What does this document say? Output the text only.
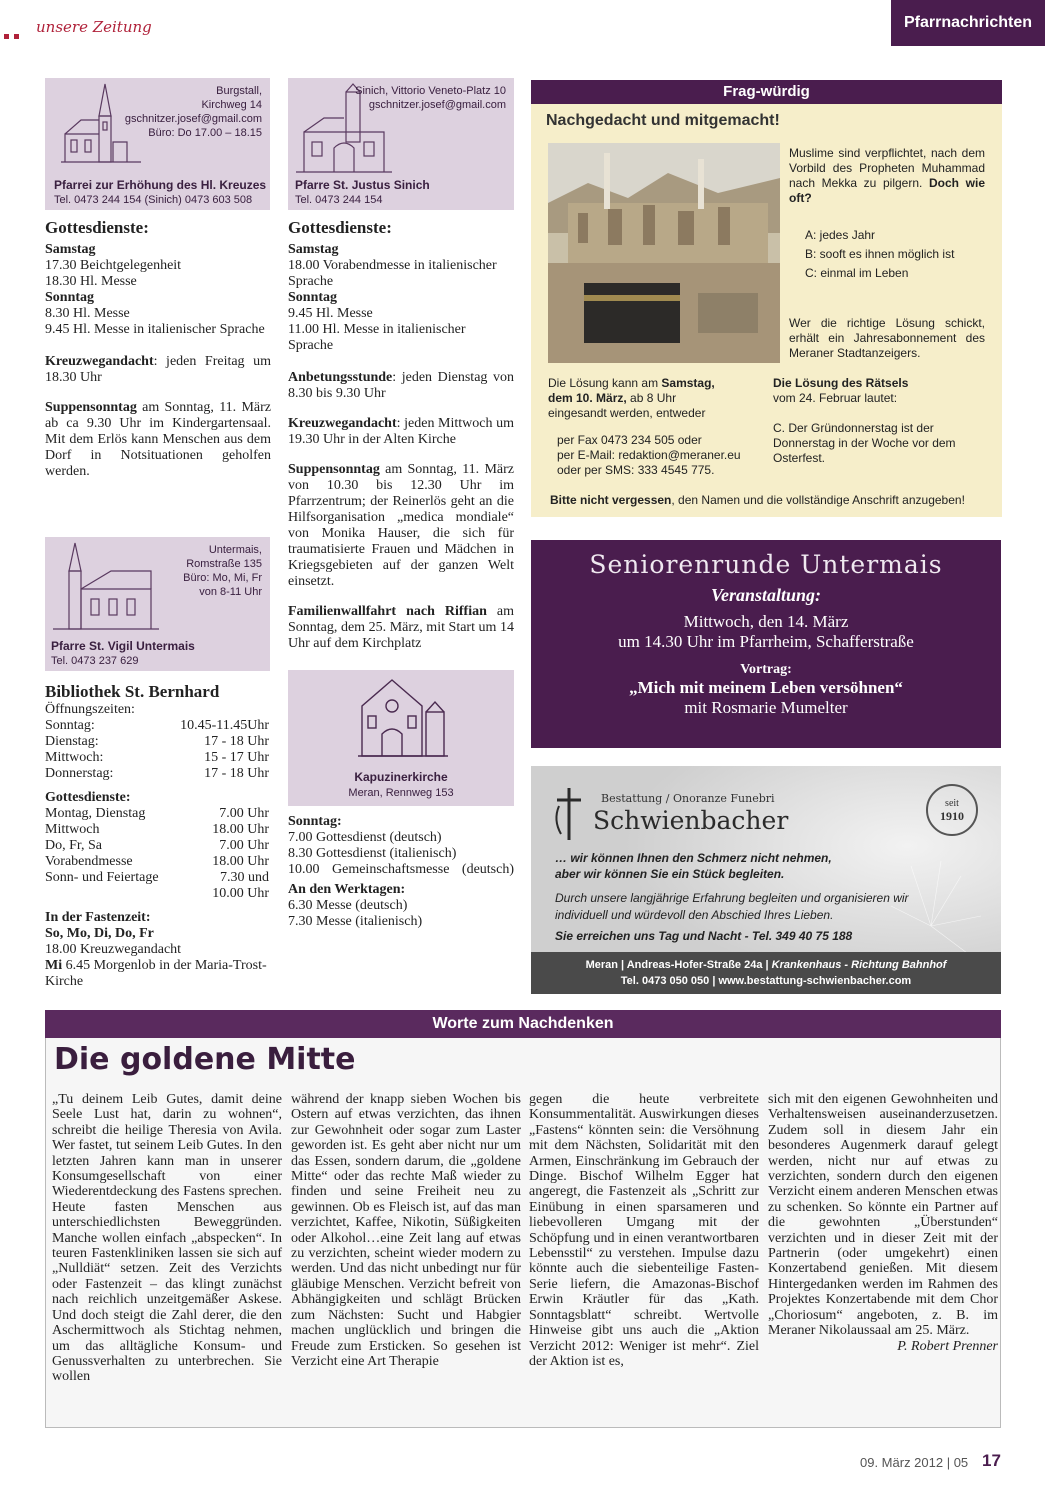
unsere Zeitung	Pfarrnachrichten
Burgstall,
Kirchweg 14
gschnitzer.josef@gmail.com
Büro: Do 17.00 – 18.15
Pfarrei zur Erhöhung des Hl. Kreuzes
Tel. 0473 244 154 (Sinich) 0473 603 508
Sinich, Vittorio Veneto-Platz 10
gschnitzer.josef@gmail.com
Pfarre St. Justus Sinich
Tel. 0473 244 154
Gottesdienste:
Samstag
17.30 Beichtgelegenheit
18.30 Hl. Messe
Sonntag
8.30 Hl. Messe
9.45 Hl. Messe in italienischer Sprache

Kreuzwegandacht: jeden Freitag um 18.30 Uhr

Suppensonntag am Sonntag, 11. März ab ca 9.30 Uhr im Kindergartensaal. Mit dem Erlös kann Menschen aus dem Dorf in Notsituationen geholfen werden.

Gottesdienste:
Samstag
18.00 Vorabendmesse in italienischer Sprache
Sonntag
9.45 Hl. Messe
11.00 Hl. Messe in italienischer Sprache

Anbetungsstunde: jeden Dienstag von 8.30 bis 9.30 Uhr

Kreuzwegandacht: jeden Mittwoch um 19.30 Uhr in der Alten Kirche

Suppensonntag am Sonntag, 11. März von 10.30 bis 12.30 Uhr im Pfarrzentrum; der Reinerlös geht an die Hilfsorganisation „medica mondiale“ von Monika Hauser, die sich für traumatisierte Frauen und Mädchen in Kriegsgebieten auf der ganzen Welt einsetzt.

Familienwallfahrt nach Riffian am Sonntag, dem 25. März, mit Start um 14 Uhr auf dem Kirchplatz

Untermais,
Romstraße 135
Büro: Mo, Mi, Fr
von 8-11 Uhr
Pfarre St. Vigil Untermais
Tel. 0473 237 629
Bibliothek St. Bernhard
Öffnungszeiten:
Sonntag:	10.45-11.45Uhr
Dienstag:	17 - 18 Uhr
Mittwoch:	15 - 17 Uhr
Donnerstag:	17 - 18 Uhr
Gottesdienste:
Montag, Dienstag	7.00 Uhr
Mittwoch	18.00 Uhr
Do, Fr, Sa	7.00 Uhr
Vorabendmesse	18.00 Uhr
Sonn- und Feiertage	7.30 und
10.00 Uhr
In der Fastenzeit:
So, Mo, Di, Do, Fr
18.00 Kreuzwegandacht
Mi 6.45 Morgenlob in der Maria-Trost-Kirche
Kapuzinerkirche
Meran, Rennweg 153
Sonntag:
7.00 Gottesdienst (deutsch)
8.30 Gottesdienst (italienisch)
10.00 Gemeinschaftsmesse (deutsch)
An den Werktagen:
6.30 Messe (deutsch)
7.30 Messe (italienisch)
Frag-würdig
Nachgedacht und mitgemacht!
Muslime sind verpflichtet, nach dem Vorbild des Propheten Muhammad nach Mekka zu pilgern. Doch wie oft?
A: jedes Jahr
B: sooft es ihnen möglich ist
C: einmal im Leben
Wer die richtige Lösung schickt, erhält ein Jahresabonnement des Meraner Stadtanzeigers.
Die Lösung kann am Samstag, dem 10. März, ab 8 Uhr eingesandt werden, entweder
per Fax 0473 234 505 oder
per E-Mail: redaktion@meraner.eu
oder per SMS: 333 4545 775.
Die Lösung des Rätsels
vom 24. Februar lautet:
C. Der Gründonnerstag ist der Donnerstag in der Woche vor dem Osterfest.
Bitte nicht vergessen, den Namen und die vollständige Anschrift anzugeben!
Seniorenrunde Untermais
Veranstaltung:
Mittwoch, den 14. März
um 14.30 Uhr im Pfarrheim, Schafferstraße
Vortrag:
„Mich mit meinem Leben versöhnen“
mit Rosmarie Mumelter
Bestattung / Onoranze Funebri
Schwienbacher
seit
1910
… wir können Ihnen den Schmerz nicht nehmen,
aber wir können Sie ein Stück begleiten.
Durch unsere langjährige Erfahrung begleiten und organisieren wir
individuell und würdevoll den Abschied Ihres Lieben.
Sie erreichen uns Tag und Nacht - Tel. 349 40 75 188
Meran | Andreas-Hofer-Straße 24a | Krankenhaus - Richtung Bahnhof
Tel. 0473 050 050 | www.bestattung-schwienbacher.com
Worte zum Nachdenken
Die goldene Mitte
„Tu deinem Leib Gutes, damit deine Seele Lust hat, darin zu wohnen“, schreibt die heilige Theresia von Avila. Wer fastet, tut seinem Leib Gutes. In den letzten Jahren kann man in unserer Konsumgesellschaft von einer Wiederentdeckung des Fastens sprechen. Heute fasten Menschen aus unterschiedlichsten Beweggründen. Manche wollen einfach „abspecken“. In teuren Fastenkliniken lassen sie sich auf „Nulldiät“ setzen. Zeit des Verzichts oder Fastenzeit – das klingt zunächst nach reichlich unzeitgemäßer Askese. Und doch steigt die Zahl derer, die den Aschermittwoch als Stichtag nehmen, um das alltägliche Konsum- und Genussverhalten zu unterbrechen. Sie wollen
während der knapp sieben Wochen bis Ostern auf etwas verzichten, das ihnen zur Gewohnheit oder sogar zum Laster geworden ist. Es geht aber nicht nur um das Essen, sondern darum, die „goldene Mitte“ oder das rechte Maß wieder zu finden und seine Freiheit neu zu gewinnen. Ob es Fleisch ist, auf das man verzichtet, Kaffee, Nikotin, Süßigkeiten oder Alkohol…eine Zeit lang auf etwas zu verzichten, scheint wieder modern zu werden. Und das nicht unbedingt nur für gläubige Menschen. Verzicht befreit von Abhängigkeiten und schlägt Brücken zum Nächsten: Sucht und Habgier machen unglücklich und bringen die Freude zum Ersticken. So gesehen ist Verzicht eine Art Therapie
gegen die heute verbreitete Konsummentalität. Auswirkungen dieses „Fastens“ könnten sein: die Versöhnung mit dem Nächsten, Solidarität mit den Armen, Einschränkung im Gebrauch der Dinge. Bischof Wilhelm Egger hat angeregt, die Fastenzeit als „Schritt zur Einübung in einen sparsameren und liebevolleren Umgang mit der Schöpfung und in einen verantwortbaren Lebensstil“ zu verstehen. Impulse dazu könnte auch die siebenteilige Fasten-Serie liefern, die Amazonas-Bischof Erwin Kräutler für das „Kath. Sonntagsblatt“ schreibt. Wertvolle Hinweise gibt uns auch die „Aktion Verzicht 2012: Weniger ist mehr“. Ziel der Aktion ist es,
sich mit den eigenen Gewohnheiten und Verhaltensweisen auseinanderzusetzen. Zudem soll in diesem Jahr ein besonderes Augenmerk darauf gelegt werden, nicht nur auf etwas zu verzichten, sondern durch den eigenen Verzicht einem anderen Menschen etwas zu schenken. So könnte ein Partner auf die gewohnten „Überstunden“ verzichten und in dieser Zeit mit der Partnerin (oder umgekehrt) einen Konzertabend genießen. Mit diesem Hintergedanken werden im Rahmen des Projektes Konzertabende mit dem Chor „Choriosum“ angeboten, z. B. im Meraner Nikolaussaal am 25. März.
P. Robert Prenner
09. März 2012 | 05 17
